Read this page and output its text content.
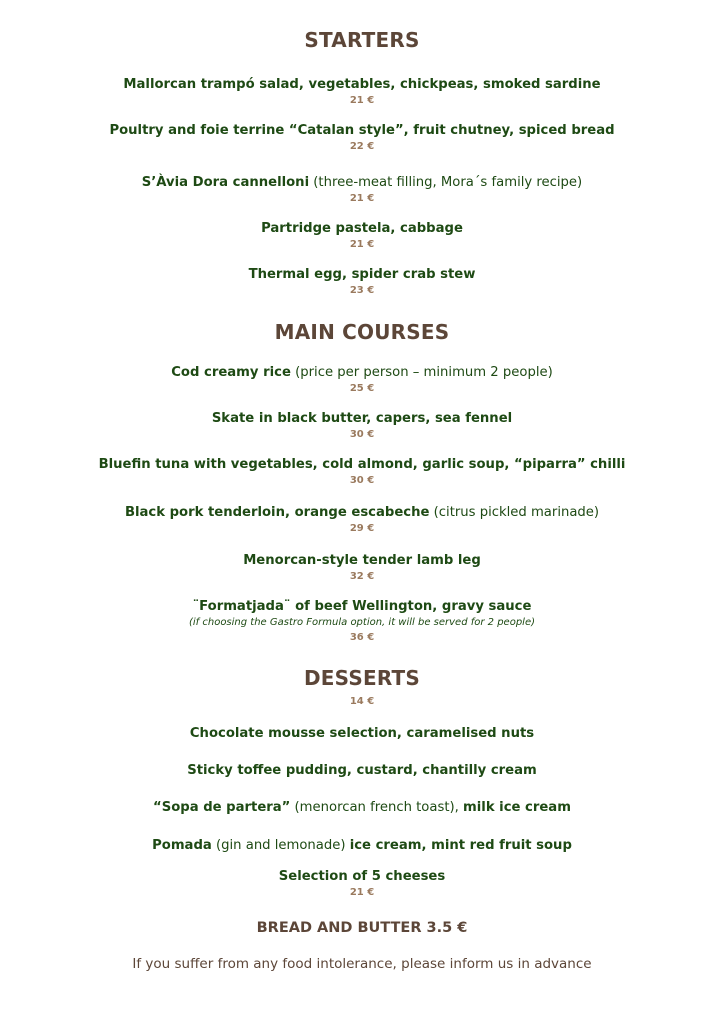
STARTERS
Mallorcan trampó salad, vegetables, chickpeas, smoked sardine
21 €
Poultry and foie terrine “Catalan style”, fruit chutney, spiced bread
22 €
S’Àvia Dora cannelloni (three-meat filling, Mora´s family recipe)
21 €
Partridge pastela, cabbage
21 €
Thermal egg, spider crab stew
23 €
MAIN COURSES
Cod creamy rice (price per person – minimum 2 people)
25 €
Skate in black butter, capers, sea fennel
30 €
Bluefin tuna with vegetables, cold almond, garlic soup, “piparra” chilli
30 €
Black pork tenderloin, orange escabeche (citrus pickled marinade)
29 €
Menorcan-style tender lamb leg
32 €
¨Formatjada¨ of beef Wellington, gravy sauce
(if choosing the Gastro Formula option, it will be served for 2 people)
36 €
DESSERTS
14 €
Chocolate mousse selection, caramelised nuts
Sticky toffee pudding, custard, chantilly cream
“Sopa de partera” (menorcan french toast), milk ice cream
Pomada (gin and lemonade) ice cream, mint red fruit soup
Selection of 5 cheeses
21 €
BREAD AND BUTTER 3.5 €
If you suffer from any food intolerance, please inform us in advance
